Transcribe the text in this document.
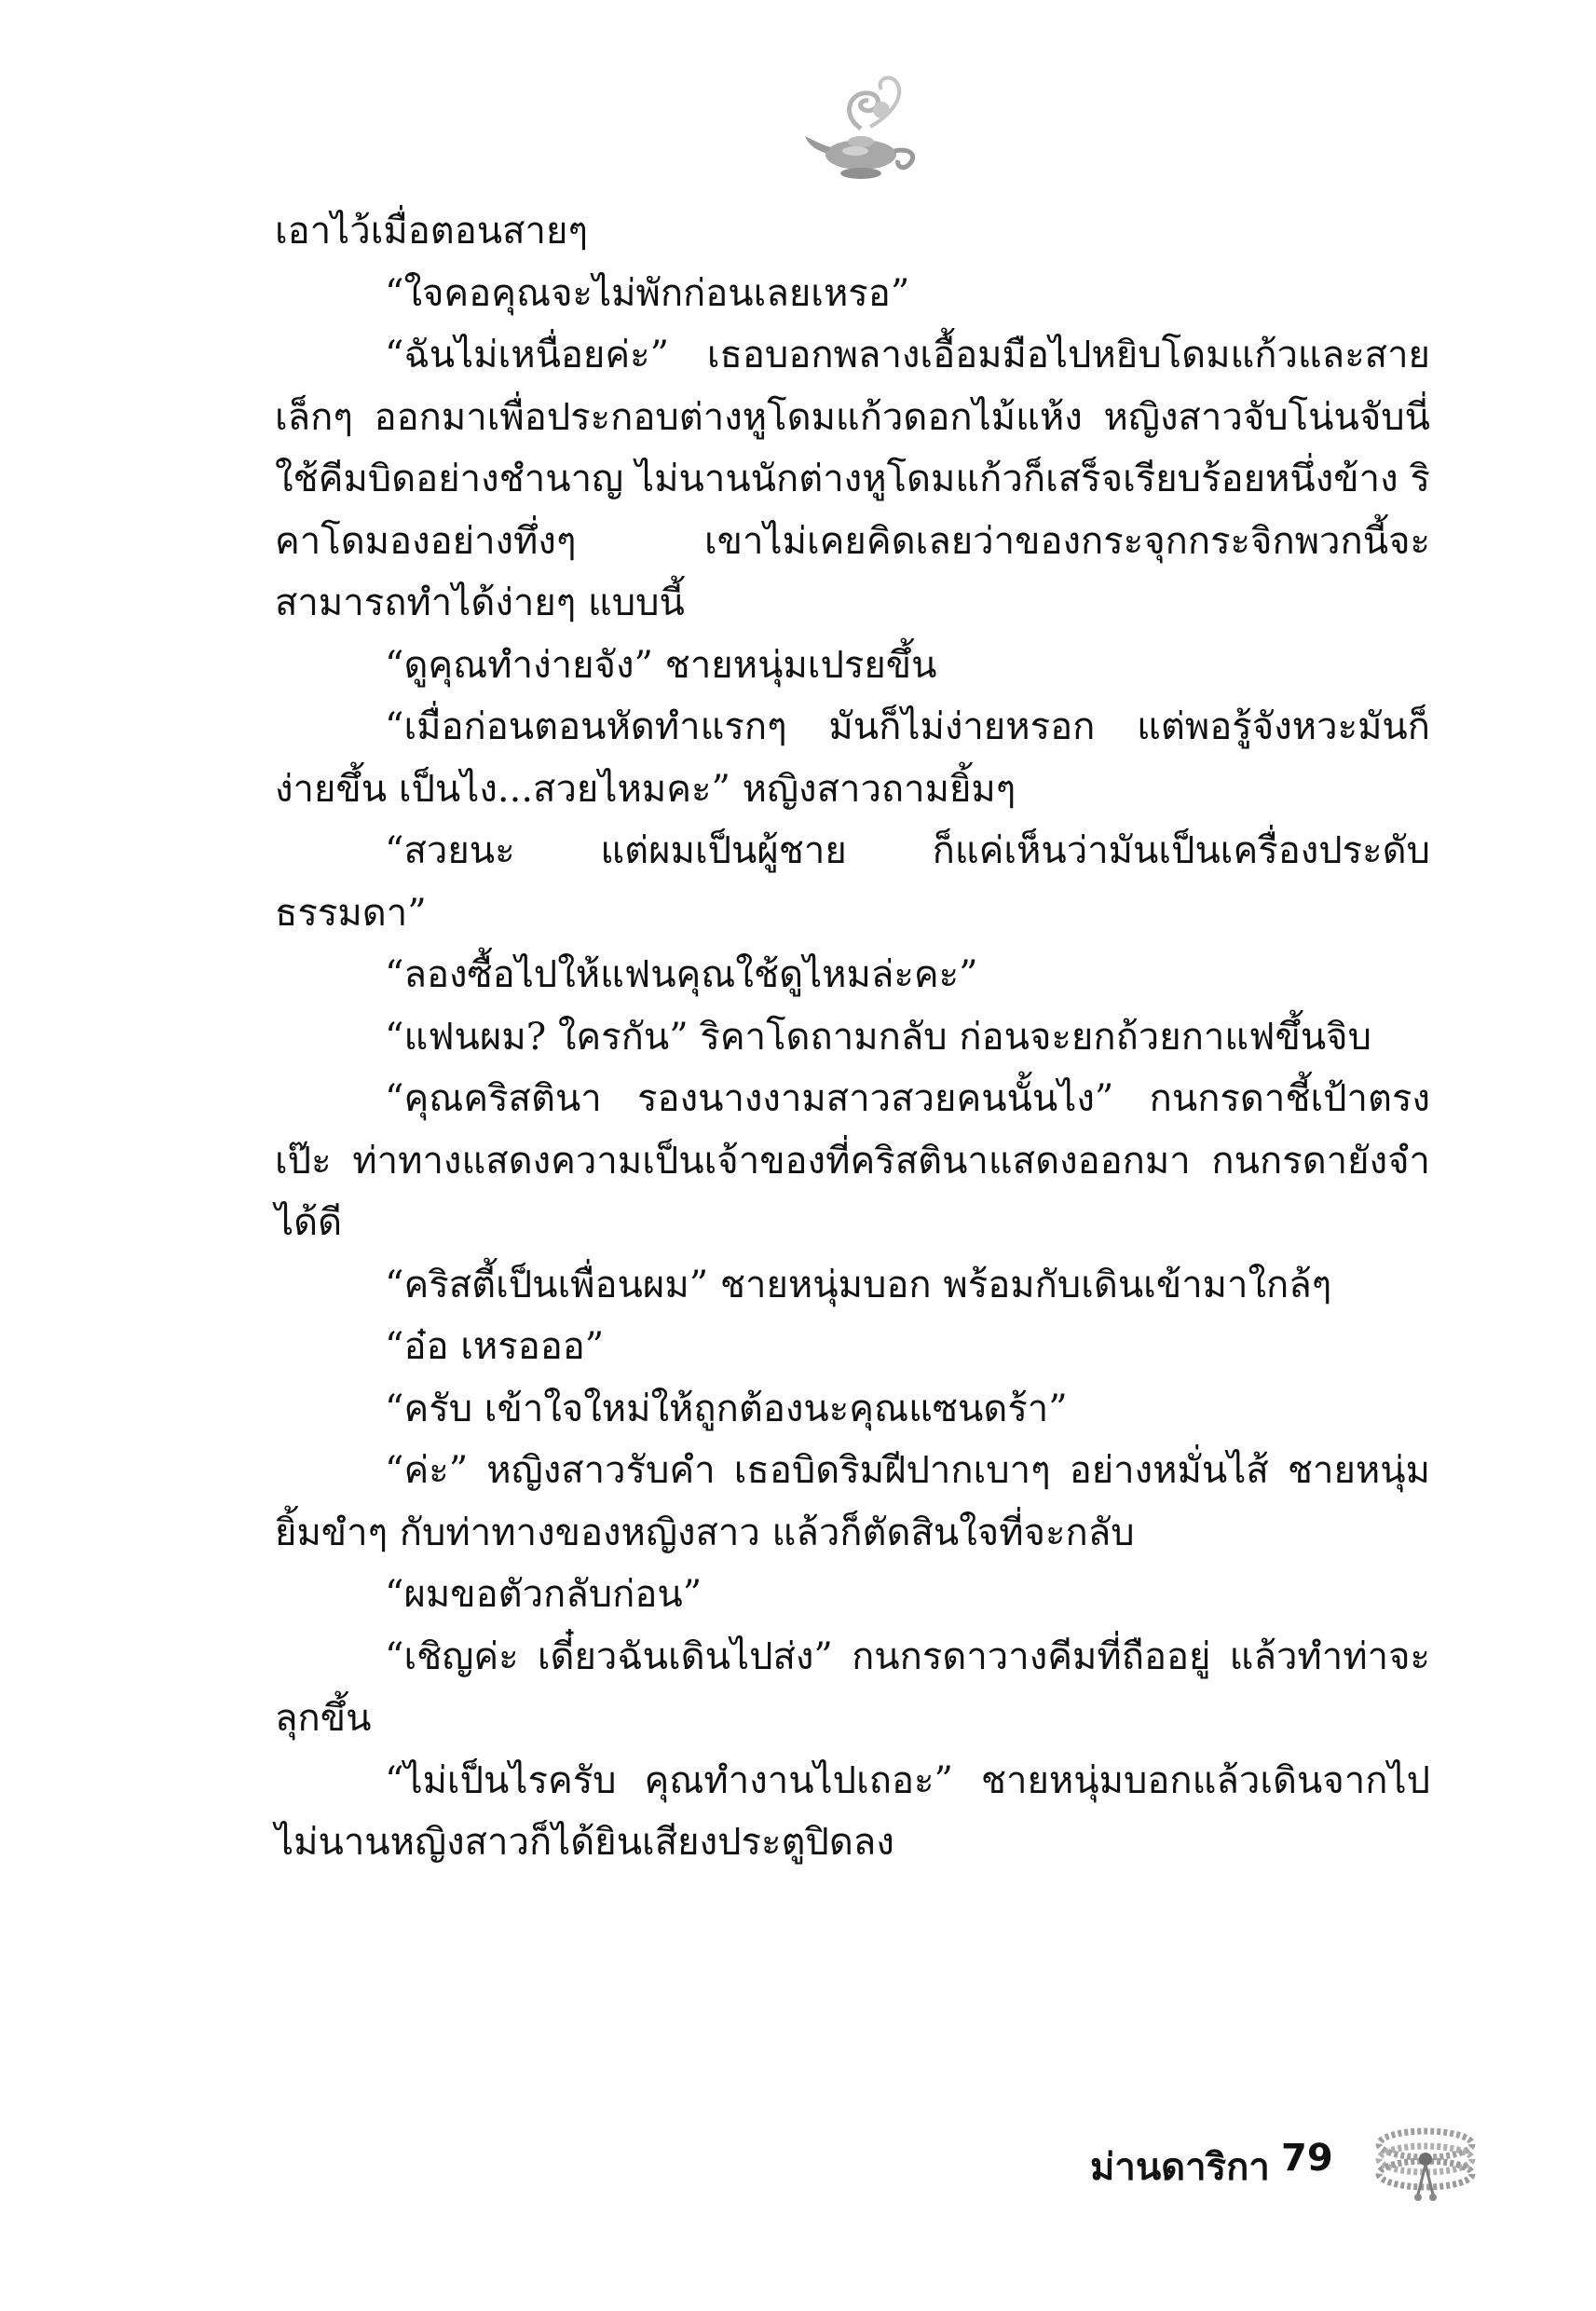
เอาไว้เมื่อตอนสายๆ

“ใจคอคุณจะไม่พักก่อนเลยเหรอ”

“ฉันไม่เหนื่อยค่ะ” เธอบอกพลางเอื้อมมือไปหยิบโดมแก้วและสายเล็กๆ ออกมาเพื่อประกอบต่างหูโดมแก้วดอกไม้แห้ง หญิงสาวจับโน่นจับนี่ ใช้คีมบิดอย่างชำนาญ ไม่นานนักต่างหูโดมแก้วก็เสร็จเรียบร้อยหนึ่งข้าง ริคาโดมองอย่างทึ่งๆ เขาไม่เคยคิดเลยว่าของกระจุกกระจิกพวกนี้จะสามารถทำได้ง่ายๆ แบบนี้

“ดูคุณทำง่ายจัง” ชายหนุ่มเปรยขึ้น

“เมื่อก่อนตอนหัดทำแรกๆ มันก็ไม่ง่ายหรอก แต่พอรู้จังหวะมันก็ง่ายขึ้น เป็นไง...สวยไหมคะ” หญิงสาวถามยิ้มๆ

“สวยนะ แต่ผมเป็นผู้ชาย ก็แค่เห็นว่ามันเป็นเครื่องประดับธรรมดา”

“ลองซื้อไปให้แฟนคุณใช้ดูไหมล่ะคะ”

“แฟนผม? ใครกัน” ริคาโดถามกลับ ก่อนจะยกถ้วยกาแฟขึ้นจิบ

“คุณคริสตินา รองนางงามสาวสวยคนนั้นไง” กนกรดาชี้เป้าตรงเป๊ะ ท่าทางแสดงความเป็นเจ้าของที่คริสตินาแสดงออกมา กนกรดายังจำได้ดี

“คริสตี้เป็นเพื่อนผม” ชายหนุ่มบอก พร้อมกับเดินเข้ามาใกล้ๆ

“อ๋อ เหรอออ”

“ครับ เข้าใจใหม่ให้ถูกต้องนะคุณแซนดร้า”

“ค่ะ” หญิงสาวรับคำ เธอบิดริมฝีปากเบาๆ อย่างหมั่นไส้ ชายหนุ่มยิ้มขำๆ กับท่าทางของหญิงสาว แล้วก็ตัดสินใจที่จะกลับ

“ผมขอตัวกลับก่อน”

“เชิญค่ะ เดี๋ยวฉันเดินไปส่ง” กนกรดาวางคีมที่ถืออยู่ แล้วทำท่าจะลุกขึ้น

“ไม่เป็นไรครับ คุณทำงานไปเถอะ” ชายหนุ่มบอกแล้วเดินจากไปไม่นานหญิงสาวก็ได้ยินเสียงประตูปิดลง

ม่านดาริกา 79
